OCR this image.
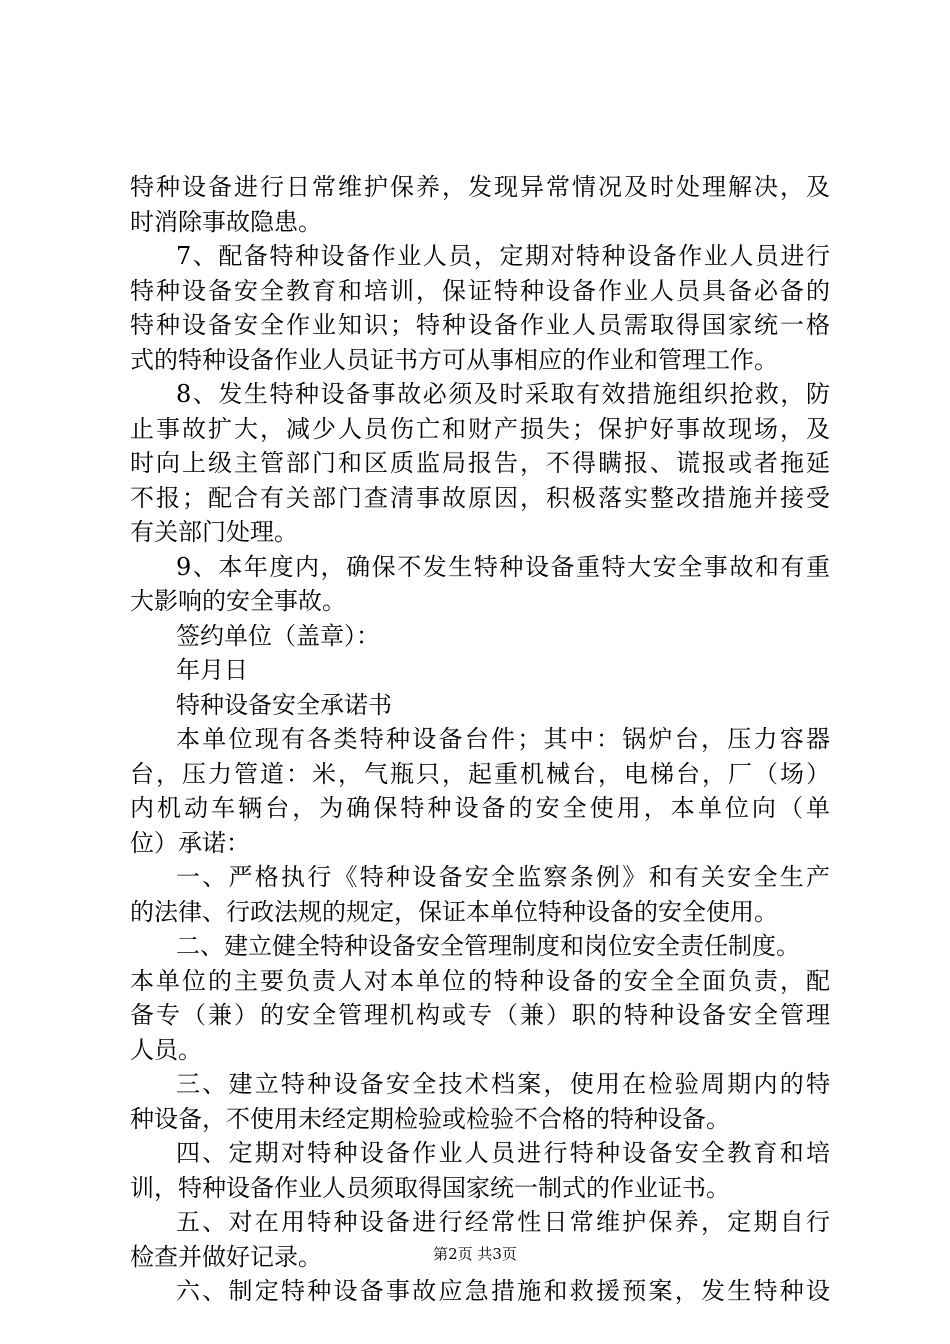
特种设备进行日常维护保养，发现异常情况及时处理解决，及
时消除事故隐患。
7、配备特种设备作业人员，定期对特种设备作业人员进行
特种设备安全教育和培训，保证特种设备作业人员具备必备的
特种设备安全作业知识；特种设备作业人员需取得国家统一格
式的特种设备作业人员证书方可从事相应的作业和管理工作。
8、发生特种设备事故必须及时采取有效措施组织抢救，防
止事故扩大，减少人员伤亡和财产损失；保护好事故现场，及
时向上级主管部门和区质监局报告，不得瞒报、谎报或者拖延
不报；配合有关部门查清事故原因，积极落实整改措施并接受
有关部门处理。
9、本年度内，确保不发生特种设备重特大安全事故和有重
大影响的安全事故。
签约单位（盖章）：
年月日
特种设备安全承诺书
本单位现有各类特种设备台件；其中：锅炉台，压力容器
台，压力管道：米，气瓶只，起重机械台，电梯台，厂（场）
内机动车辆台，为确保特种设备的安全使用，本单位向（单
位）承诺：
一、严格执行《特种设备安全监察条例》和有关安全生产
的法律、行政法规的规定，保证本单位特种设备的安全使用。
二、建立健全特种设备安全管理制度和岗位安全责任制度。
本单位的主要负责人对本单位的特种设备的安全全面负责，配
备专（兼）的安全管理机构或专（兼）职的特种设备安全管理
人员。
三、建立特种设备安全技术档案，使用在检验周期内的特
种设备，不使用未经定期检验或检验不合格的特种设备。
四、定期对特种设备作业人员进行特种设备安全教育和培
训，特种设备作业人员须取得国家统一制式的作业证书。
五、对在用特种设备进行经常性日常维护保养，定期自行
检查并做好记录。
六、制定特种设备事故应急措施和救援预案，发生特种设
第2页 共3页
